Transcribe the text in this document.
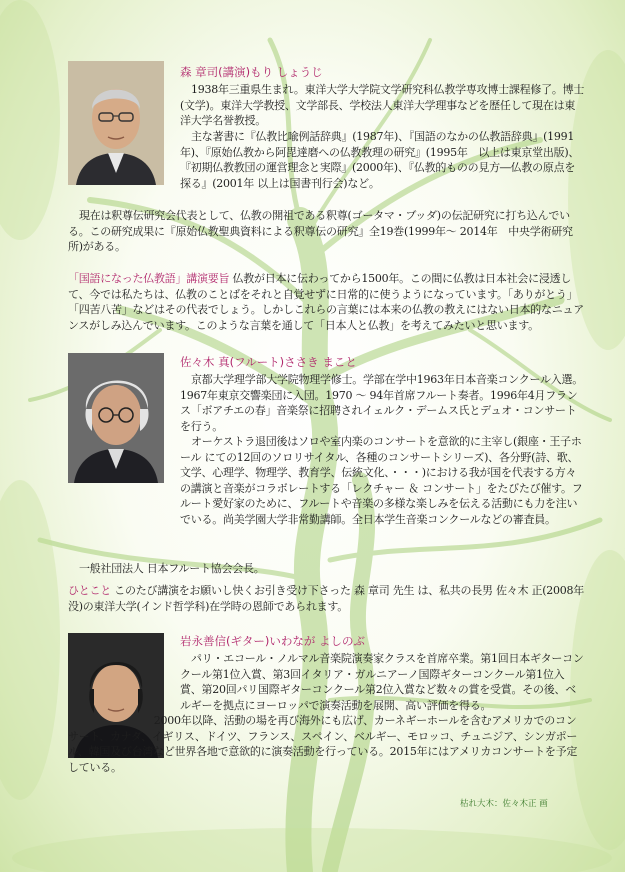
森 章司(講演)もり しょうじ

1938年三重県生まれ。東洋大学大学院文学研究科仏教学専攻博士課程修了。博士(文学)。東洋大学教授、文学部長、学校法人東洋大学理事などを歴任して現在は東洋大学名誉教授。

主な著書に『仏教比喩例話辞典』(1987年)、『国語のなかの仏教語辞典』(1991年)、『原始仏教から阿毘達磨への仏教教理の研究』(1995年　以上は東京堂出版)、『初期仏教教団の運営理念と実際』(2000年)、『仏教的ものの見方―仏教の原点を探る』(2001年 以上は国書刊行会)など。

現在は釈尊伝研究会代表として、仏教の開祖である釈尊(ゴータマ・ブッダ)の伝記研究に打ち込んでいる。この研究成果に『原始仏教聖典資料による釈尊伝の研究』全19巻(1999年～ 2014年　中央学術研究所)がある。

「国語になった仏教語」講演要旨 仏教が日本に伝わってから1500年。この間に仏教は日本社会に浸透して、今では私たちは、仏教のことばをそれと自覚せずに日常的に使うようになっています。「ありがとう」「四苦八苦」などはその代表でしょう。しかしこれらの言葉には本来の仏教の教えにはない日本的なニュアンスがしみ込んでいます。このような言葉を通して「日本人と仏教」を考えてみたいと思います。

佐々木 真(フルート)ささき まこと

京都大学理学部大学院物理学修士。学部在学中1963年日本音楽コンクール入選。1967年東京交響楽団に入団。1970 ～ 94年首席フルート奏者。1996年4月フランス「ボアチエの春」音楽祭に招聘されイェルク・デームス氏とデュオ・コンサートを行う。

オーケストラ退団後はソロや室内楽のコンサートを意欲的に主宰し(銀座・王子ホール にての12回のソロリサイタル、各種のコンサートシリーズ)、各分野(詩、歌、文学、心理学、物理学、教育学、伝統文化、・・・)における我が国を代表する方々の講演と音楽がコラボレートする「レクチャー ＆ コンサート」をたびたび催す。フルート愛好家のために、フルートや音楽の多様な楽しみを伝える活動にも力を注いでいる。尚美学園大学非常勤講師。全日本学生音楽コンクールなどの審査員。

一般社団法人 日本フルート協会会長。

ひとこと このたび講演をお願いし快くお引き受け下さった 森 章司 先生 は、私共の長男 佐々木 正(2008年没)の東洋大学(インド哲学科)在学時の恩師であられます。

岩永善信(ギター)いわなが よしのぶ

パリ・エコール・ノルマル音楽院演奏家クラスを首席卒業。第1回日本ギターコンクール第1位入賞、第3回イタリア・ガルニアーノ国際ギターコンクール第1位入賞、第20回パリ国際ギターコンクール第2位入賞など数々の賞を受賞。その後、ベルギーを拠点にヨーロッパで演奏活動を展開、高い評価を得る。

2000年以降、活動の場を再び海外にも広げ、カーネギーホールを含むアメリカでのコンサート、カナダ、イギリス、ドイツ、フランス、スペイン、ベルギー、モロッコ、チュニジア、シンガポール、韓国及び台湾など世界各地で意欲的に演奏活動を行っている。2015年にはアメリカコンサートを予定している。

枯れ大木：佐々木正 画
